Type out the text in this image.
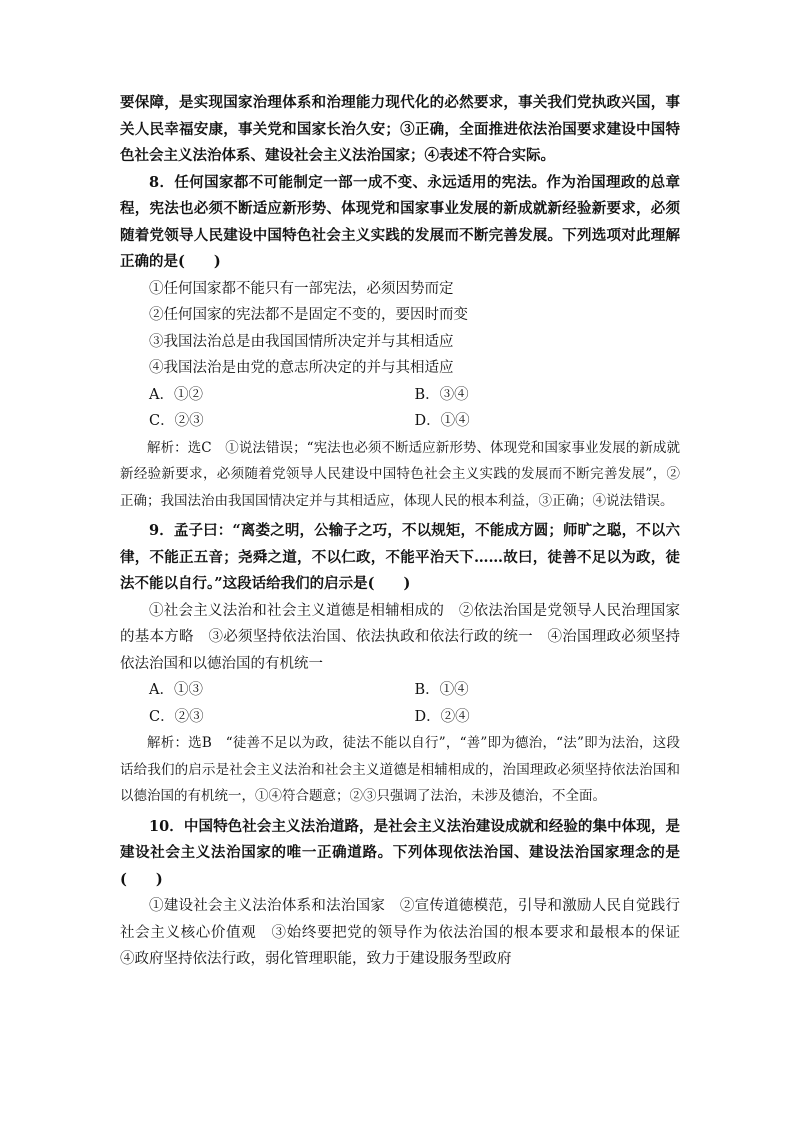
要保障，是实现国家治理体系和治理能力现代化的必然要求，事关我们党执政兴国，事关人民幸福安康，事关党和国家长治久安；③正确，全面推进依法治国要求建设中国特色社会主义法治体系、建设社会主义法治国家；④表述不符合实际。

8．任何国家都不可能制定一部一成不变、永远适用的宪法。作为治国理政的总章程，宪法也必须不断适应新形势、体现党和国家事业发展的新成就新经验新要求，必须随着党领导人民建设中国特色社会主义实践的发展而不断完善发展。下列选项对此理解正确的是(　　)

①任何国家都不能只有一部宪法，必须因势而定

②任何国家的宪法都不是固定不变的，要因时而变

③我国法治总是由我国国情所决定并与其相适应

④我国法治是由党的意志所决定的并与其相适应

A．①②	B．③④
C．②③	D．①④

解析：选C　①说法错误；“宪法也必须不断适应新形势、体现党和国家事业发展的新成就新经验新要求，必须随着党领导人民建设中国特色社会主义实践的发展而不断完善发展”，②正确；我国法治由我国国情决定并与其相适应，体现人民的根本利益，③正确；④说法错误。

9．孟子曰：“离娄之明，公输子之巧，不以规矩，不能成方圆；师旷之聪，不以六律，不能正五音；尧舜之道，不以仁政，不能平治天下……故曰，徒善不足以为政，徒法不能以自行。”这段话给我们的启示是(　　)

①社会主义法治和社会主义道德是相辅相成的　②依法治国是党领导人民治理国家的基本方略　③必须坚持依法治国、依法执政和依法行政的统一　④治国理政必须坚持依法治国和以德治国的有机统一

A．①③	B．①④
C．②③	D．②④

解析：选B　“徒善不足以为政，徒法不能以自行”，“善”即为德治，“法”即为法治，这段话给我们的启示是社会主义法治和社会主义道德是相辅相成的，治国理政必须坚持依法治国和以德治国的有机统一，①④符合题意；②③只强调了法治，未涉及德治，不全面。

10．中国特色社会主义法治道路，是社会主义法治建设成就和经验的集中体现，是建设社会主义法治国家的唯一正确道路。下列体现依法治国、建设法治国家理念的是(　　)

①建设社会主义法治体系和法治国家　②宣传道德模范，引导和激励人民自觉践行社会主义核心价值观　③始终要把党的领导作为依法治国的根本要求和最根本的保证　④政府坚持依法行政，弱化管理职能，致力于建设服务型政府
